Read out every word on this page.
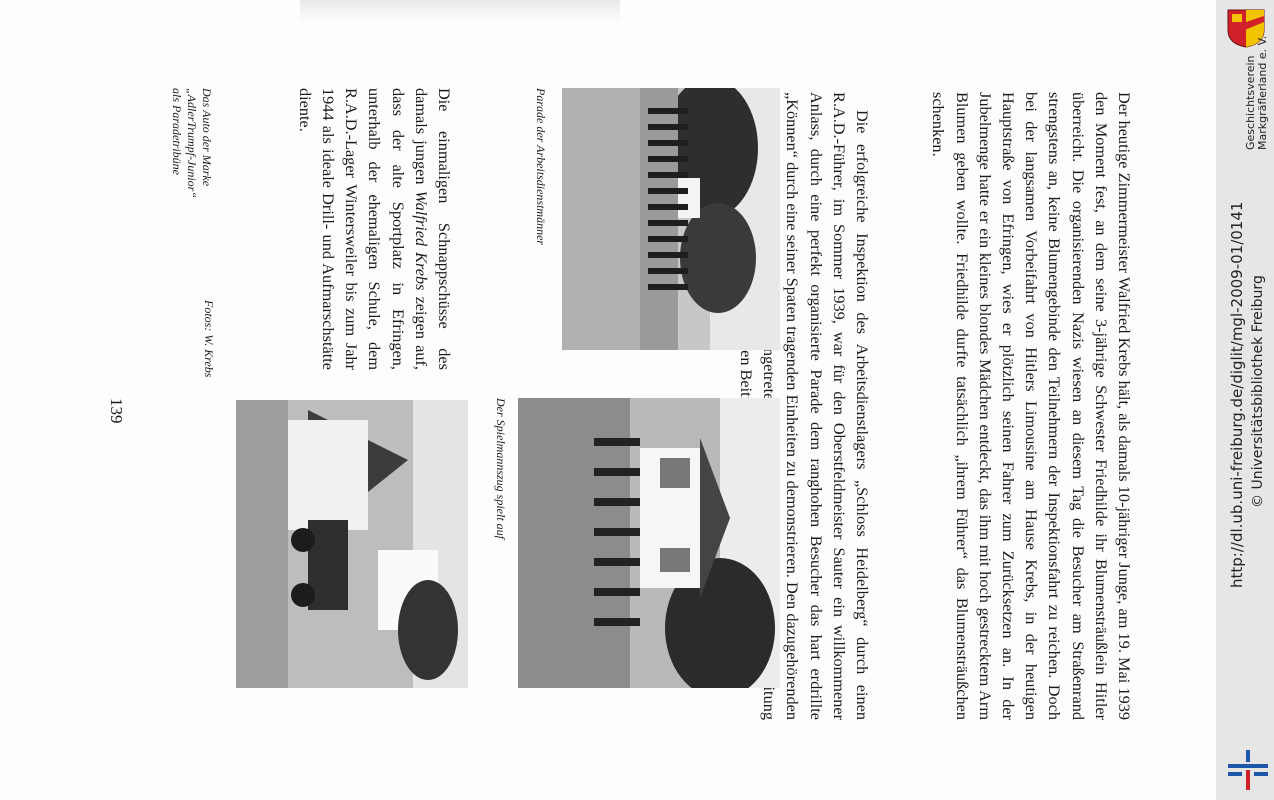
Der heutige Zimmermeister Walfried Krebs hält, als damals 10-jähriger Junge, am 19. Mai 1939 den Moment fest, an dem seine 3-jährige Schwester Friedhilde ihr Blumensträußlein Hitler überreicht. Die organisierenden Nazis wiesen an diesem Tag die Besucher am Straßenrand strengstens an, keine Blumengebinde den Teilnehmern der Inspektionsfahrt zu reichen. Doch bei der langsamen Vorbeifahrt von Hitlers Limousine am Hause Krebs, in der heutigen Hauptstraße von Efringen, wies er plötzlich seinen Fahrer zum Zurücksetzen an. In der Jubelmenge hatte er ein kleines blondes Mädchen entdeckt, das ihm mit hoch gestrecktem Arm Blumen geben wollte. Friedhilde durfte tatsächlich „ihrem Führer“ das Blumensträußchen schenken.

Die erfolgreiche Inspektion des Arbeitsdienstlagers „Schloss Heidelberg“ durch einen R.A.D.-Führer, im Sommer 1939, war für den Oberstfeldmeister Sauter ein willkommener Anlass, durch eine perfekt organisierte Parade dem ranghohen Besucher das hart erdrillte „Können“ durch eine seiner Spaten tragenden Einheiten zu demonstrieren. Den dazugehörenden angetretene Leitung

Parade der Arbeitsdienstmänner
Der Spielmannszug spielt auf

Die einmaligen Schnappschüsse des damals jungen Walfried Krebs zeigen auf, dass der alte Sportplatz in Efringen, unterhalb der ehemaligen Schule, dem R.A.D.-Lager Wintersweiler bis zum Jahr 1944 als ideale Drill- und Aufmarschstätte diente.

Das Auto der Marke „AdlerTrumpf-Junior“
als Paradetribüne
Fotos: W. Krebs
139
Geschichtsverein Markgräflerland e. V.
http://dl.ub.uni-freiburg.de/diglit/mgl-2009-01/0141 © Universitätsbibliothek Freiburg
